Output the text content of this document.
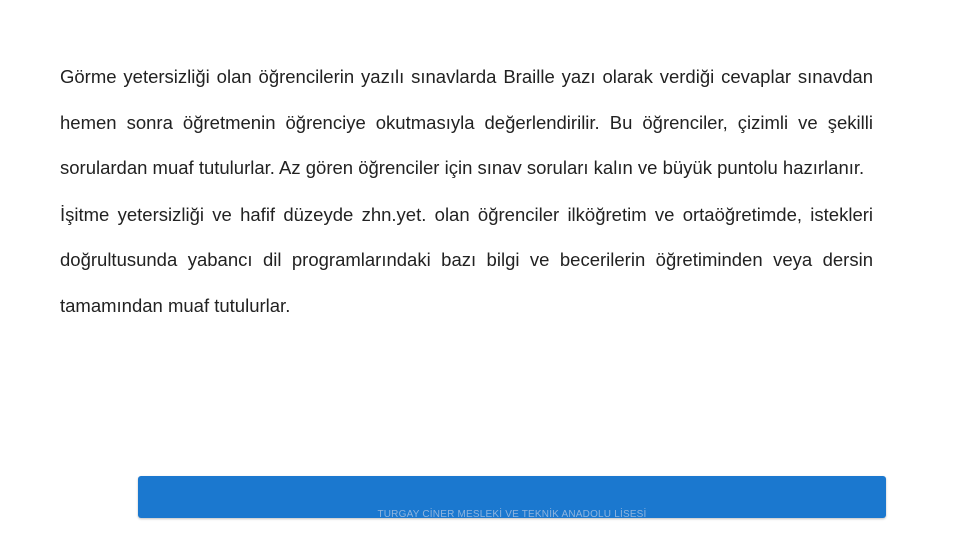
Görme yetersizliği olan öğrencilerin yazılı sınavlarda Braille yazı olarak verdiği cevaplar sınavdan hemen sonra öğretmenin öğrenciye okutmasıyla değerlendirilir. Bu öğrenciler, çizimli ve şekilli sorulardan muaf tutulurlar. Az gören öğrenciler için sınav soruları kalın ve büyük puntolu hazırlanır.

İşitme yetersizliği ve hafif düzeyde zhn.yet. olan öğrenciler ilköğretim ve ortaöğretimde, istekleri doğrultusunda yabancı dil programlarındaki bazı bilgi ve becerilerin öğretiminden veya dersin tamamından muaf tutulurlar.

TURGAY CİNER MESLEKİ VE TEKNİK ANADOLU LİSESİ
